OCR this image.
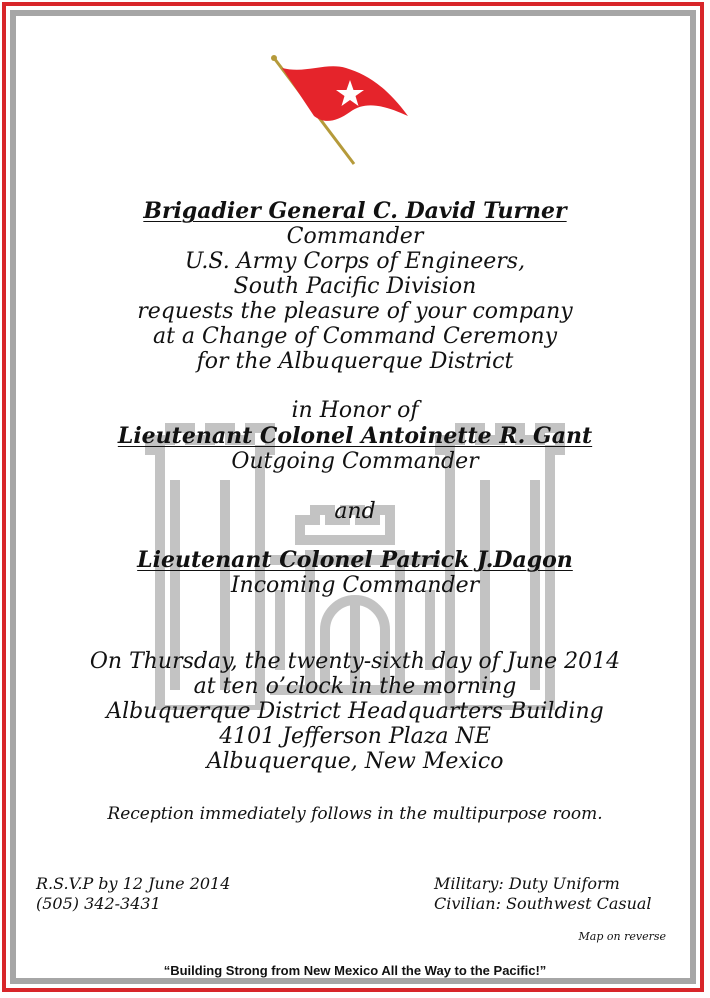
Brigadier General C. David Turner
Commander
U.S. Army Corps of Engineers,
South Pacific Division
requests the pleasure of your company
at a Change of Command Ceremony
for the Albuquerque District
in Honor of
Lieutenant Colonel Antoinette R. Gant
Outgoing Commander
and
Lieutenant Colonel Patrick J.Dagon
Incoming Commander
On Thursday, the twenty-sixth day of June 2014
at ten o’clock in the morning
Albuquerque District Headquarters Building
4101 Jefferson Plaza NE
Albuquerque, New Mexico
Reception immediately follows in the multipurpose room.
R.S.V.P by 12 June 2014
(505) 342-3431
Military: Duty Uniform
Civilian: Southwest Casual
Map on reverse
“Building Strong from New Mexico All the Way to the Pacific!”
